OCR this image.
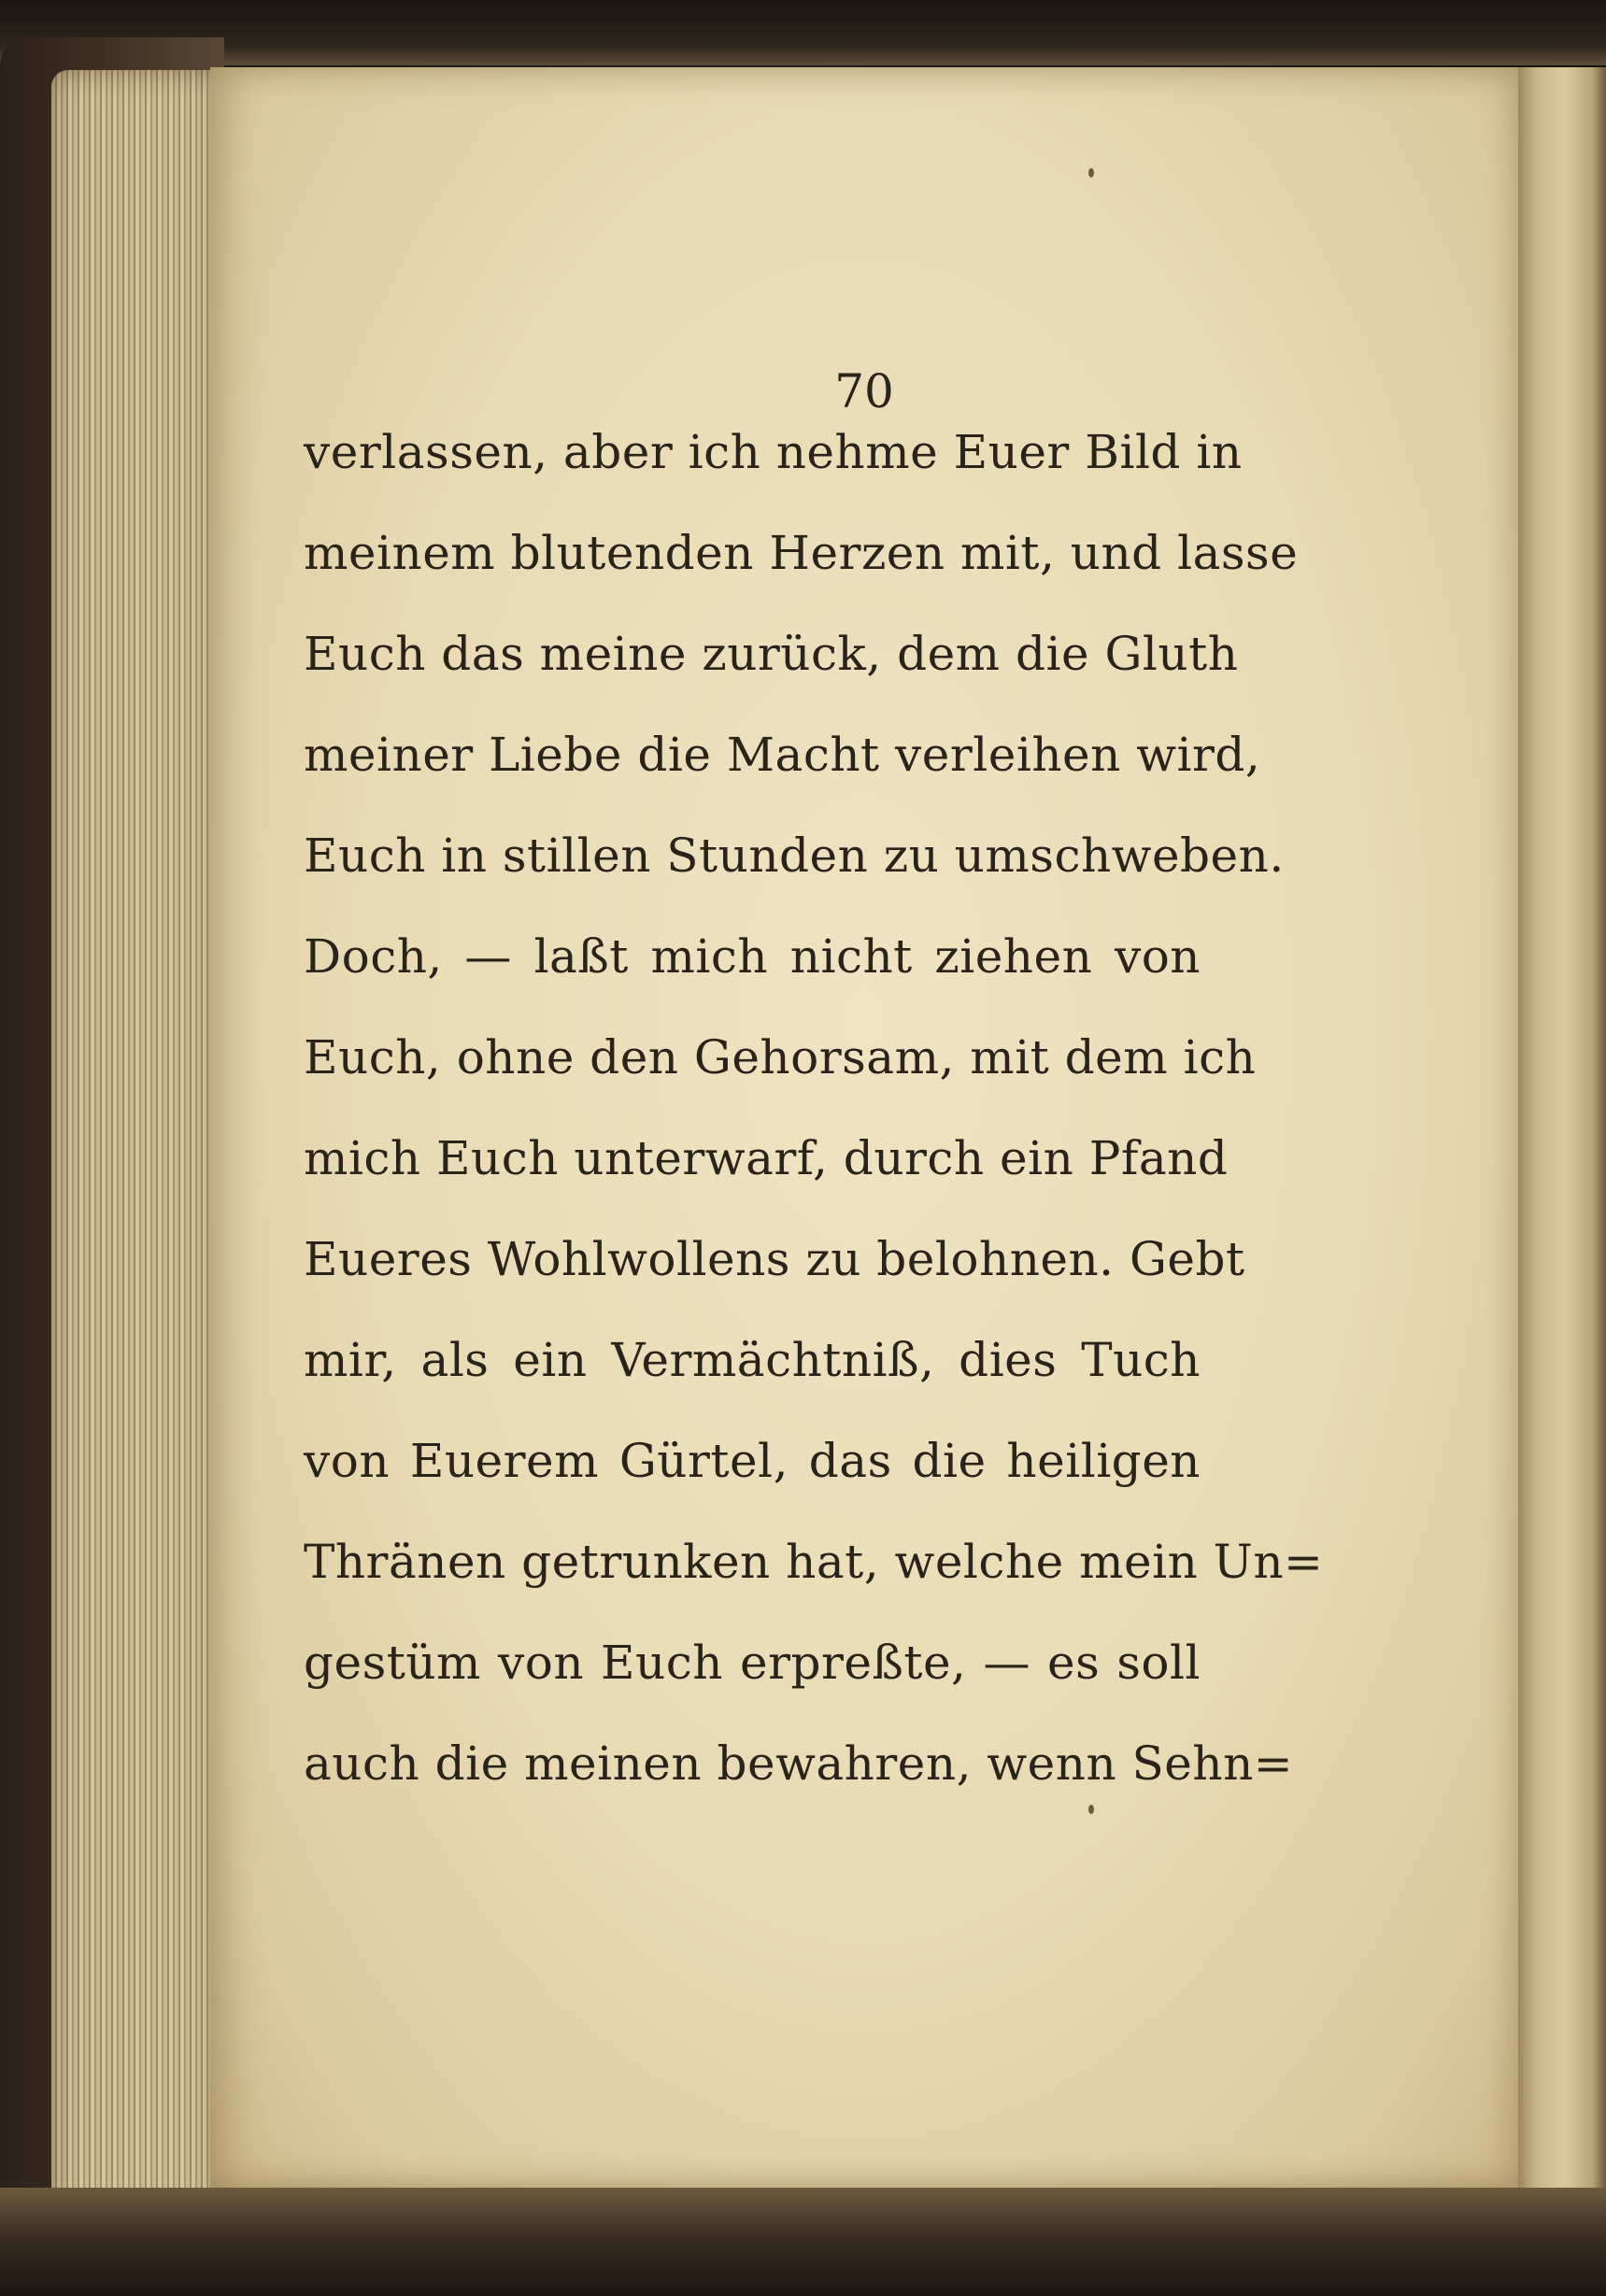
70
verlassen, aber ich nehme Euer Bild in
meinem blutenden Herzen mit, und lasse
Euch das meine zurück, dem die Gluth
meiner Liebe die Macht verleihen wird,
Euch in stillen Stunden zu umschweben.
Doch, — laßt mich nicht ziehen von
Euch, ohne den Gehorsam, mit dem ich
mich Euch unterwarf, durch ein Pfand
Eueres Wohlwollens zu belohnen. Gebt
mir, als ein Vermächtniß, dies Tuch
von Euerem Gürtel, das die heiligen
Thränen getrunken hat, welche mein Un=
gestüm von Euch erpreßte, — es soll
auch die meinen bewahren, wenn Sehn=
